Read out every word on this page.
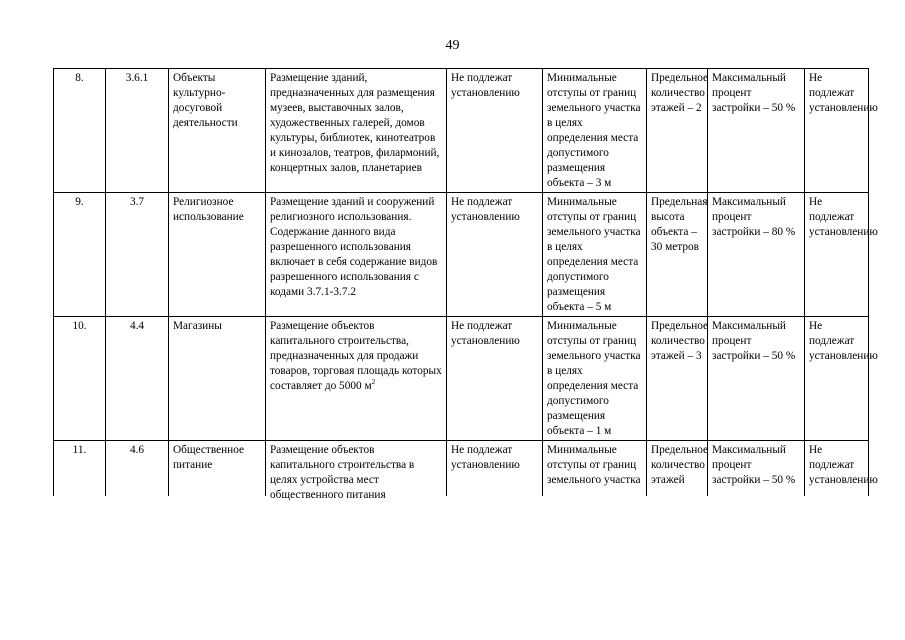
49
8.	3.6.1	Объекты культурно-досуговой деятельности	Размещение зданий, предназначенных для размещения музеев, выставочных залов, художественных галерей, домов культуры, библиотек, кинотеатров и кинозалов, театров, филармоний, концертных залов, планетариев	Не подлежат установлению	Минимальные отступы от границ земельного участка в целях определения места допустимого размещения объекта – 3 м	Предельное количество этажей – 2	Максимальный процент застройки – 50 %	Не подлежат установлению
9.	3.7	Религиозное использование	Размещение зданий и сооружений религиозного использования. Содержание данного вида разрешенного использования включает в себя содержание видов разрешенного использования с кодами 3.7.1-3.7.2	Не подлежат установлению	Минимальные отступы от границ земельного участка в целях определения места допустимого размещения объекта – 5 м	Предельная высота объекта – 30 метров	Максимальный процент застройки – 80 %	Не подлежат установлению
10.	4.4	Магазины	Размещение объектов капитального строительства, предназначенных для продажи товаров, торговая площадь которых составляет до 5000 $м^2$	Не подлежат установлению	Минимальные отступы от границ земельного участка в целях определения места допустимого размещения объекта – 1 м	Предельное количество этажей – 3	Максимальный процент застройки – 50 %	Не подлежат установлению

11.	4.6	Общественное питание	Размещение объектов капитального строительства в целях устройства мест общественного питания	Не подлежат установлению	Минимальные отступы от границ земельного участка	Предельное количество этажей	Максимальный процент застройки – 50 %	Не подлежат установлению
